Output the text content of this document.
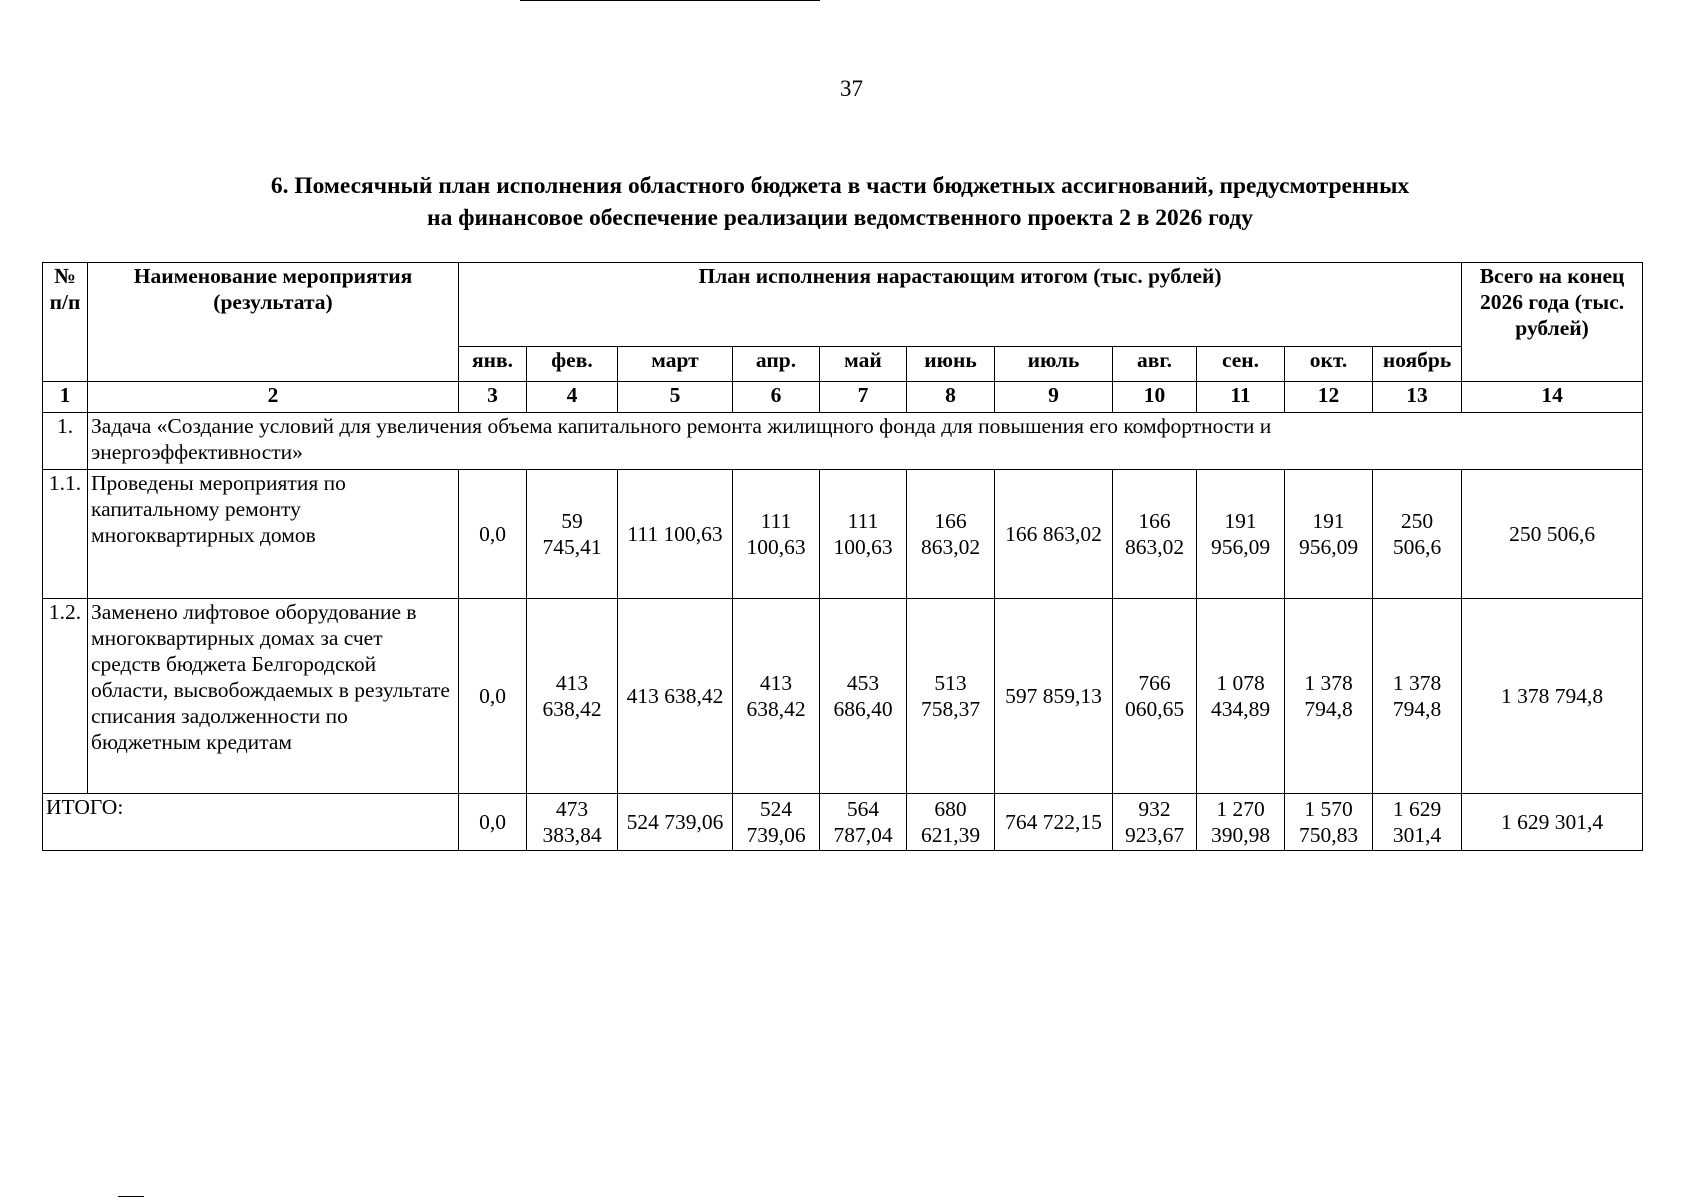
37
6. Помесячный план исполнения областного бюджета в части бюджетных ассигнований, предусмотренных
на финансовое обеспечение реализации ведомственного проекта 2 в 2026 году
№ п/п	Наименование мероприятия (результата)	План исполнения нарастающим итогом (тыс. рублей)											Всего на конец 2026 года (тыс. рублей)
		янв.	фев.	март	апр.	май	июнь	июль	авг.	сен.	окт.	ноябрь	
1	2	3	4	5	6	7	8	9	10	11	12	13	14
1.	Задача «Создание условий для увеличения объема капитального ремонта жилищного фонда для повышения его комфортности и энергоэффективности»												
1.1.	Проведены мероприятия по капитальному ремонту многоквартирных домов	0,0	59 745,41	111 100,63	111 100,63	111 100,63	166 863,02	166 863,02	166 863,02	191 956,09	191 956,09	250 506,6	250 506,6
1.2.	Заменено лифтовое оборудование в многоквартирных домах за счет средств бюджета Белгородской области, высвобождаемых в результате списания задолженности по бюджетным кредитам	0,0	413 638,42	413 638,42	413 638,42	453 686,40	513 758,37	597 859,13	766 060,65	1 078 434,89	1 378 794,8	1 378 794,8	1 378 794,8
ИТОГО:		0,0	473 383,84	524 739,06	524 739,06	564 787,04	680 621,39	764 722,15	932 923,67	1 270 390,98	1 570 750,83	1 629 301,4	1 629 301,4
